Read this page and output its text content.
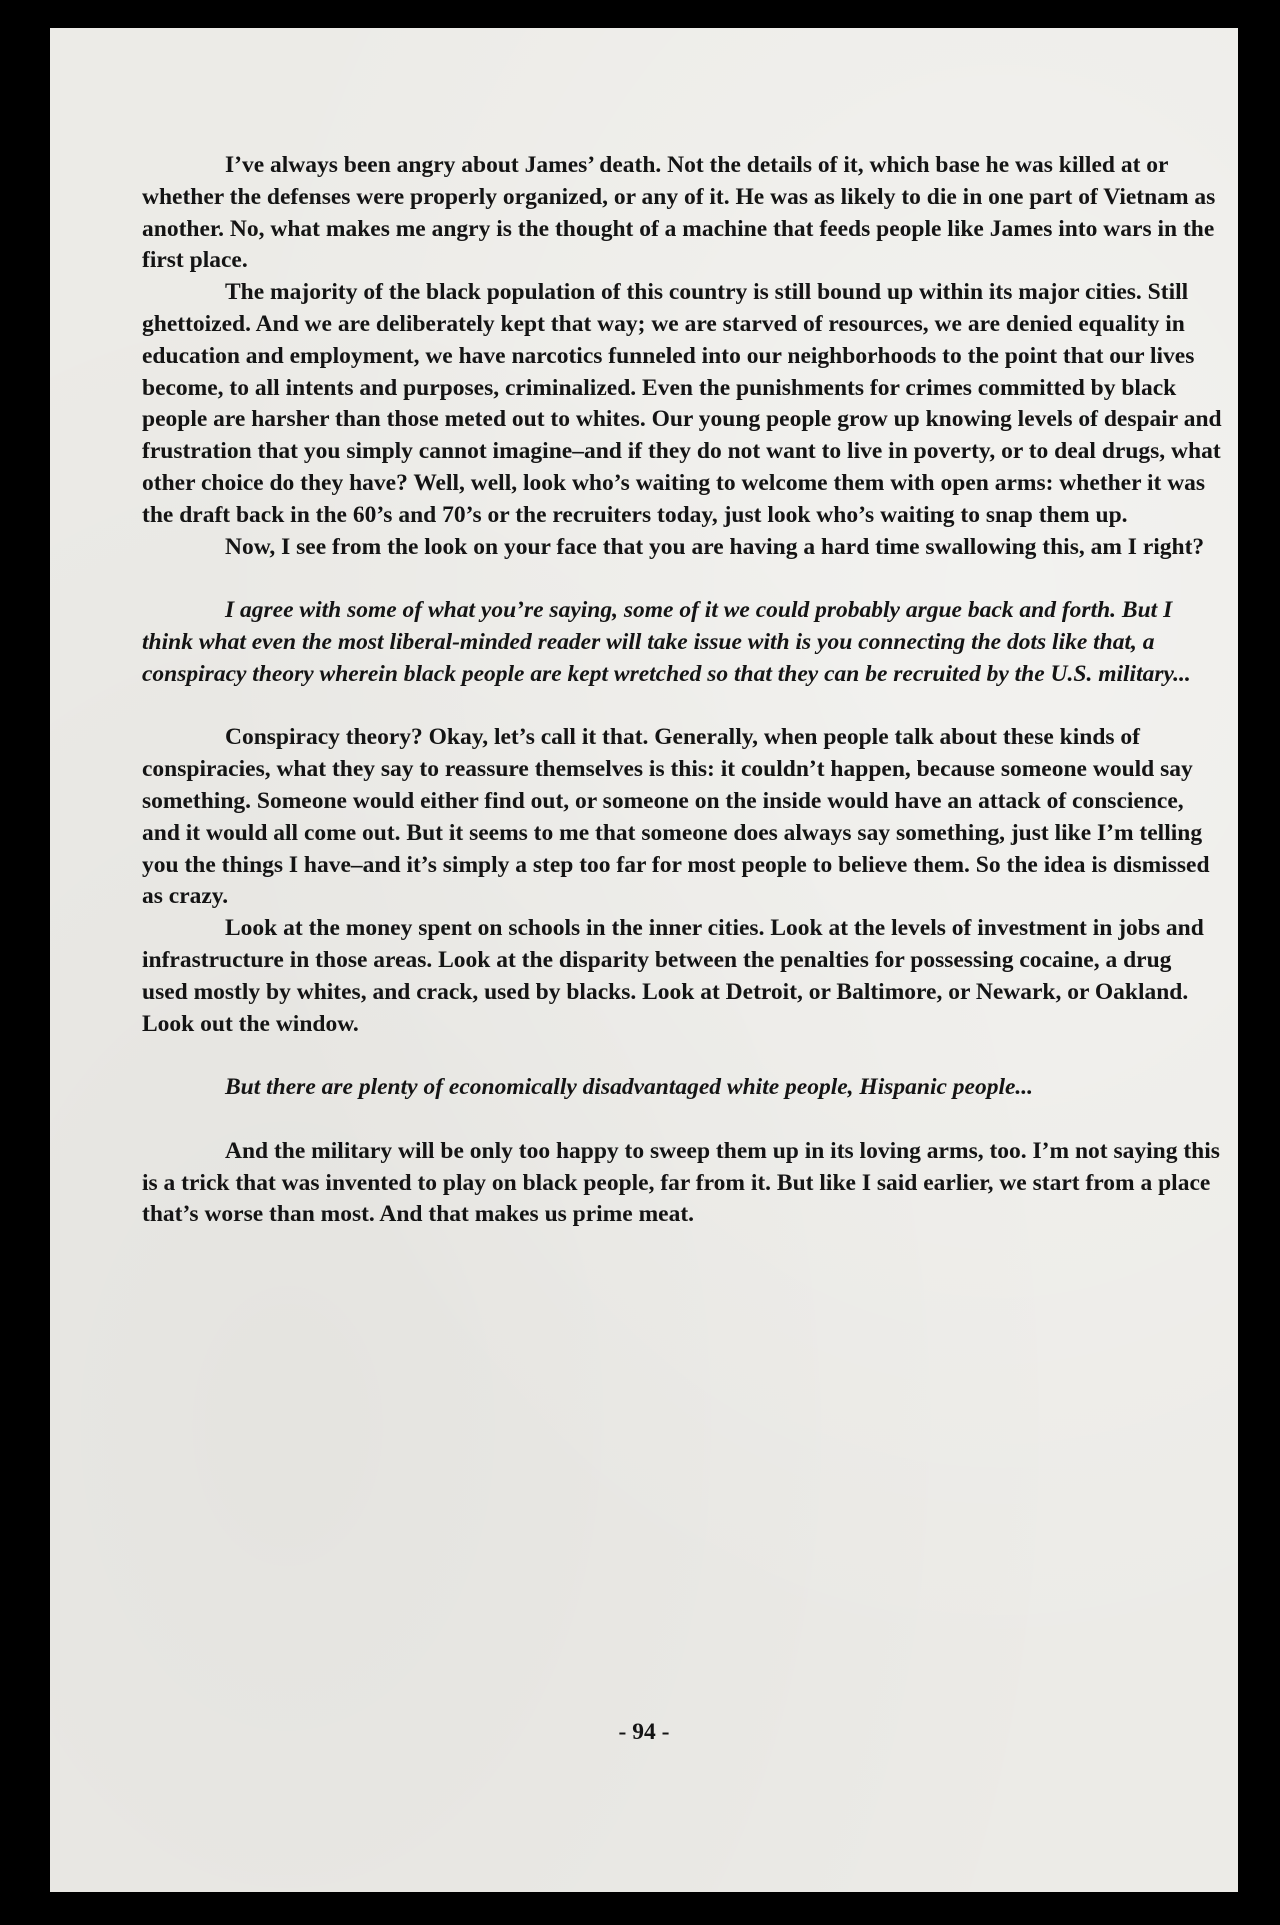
I’ve always been angry about James’ death. Not the details of it, which base he was killed at or whether the defenses were properly organized, or any of it. He was as likely to die in one part of Vietnam as another. No, what makes me angry is the thought of a machine that feeds people like James into wars in the first place.

The majority of the black population of this country is still bound up within its major cities. Still ghettoized. And we are deliberately kept that way; we are starved of resources, we are denied equality in education and employment, we have narcotics funneled into our neighborhoods to the point that our lives become, to all intents and purposes, criminalized. Even the punishments for crimes committed by black people are harsher than those meted out to whites. Our young people grow up knowing levels of despair and frustration that you simply cannot imagine–and if they do not want to live in poverty, or to deal drugs, what other choice do they have? Well, well, look who’s waiting to welcome them with open arms: whether it was the draft back in the 60’s and 70’s or the recruiters today, just look who’s waiting to snap them up.

Now, I see from the look on your face that you are having a hard time swallowing this, am I right?

I agree with some of what you’re saying, some of it we could probably argue back and forth. But I think what even the most liberal-minded reader will take issue with is you connecting the dots like that, a conspiracy theory wherein black people are kept wretched so that they can be recruited by the U.S. military...

Conspiracy theory? Okay, let’s call it that. Generally, when people talk about these kinds of conspiracies, what they say to reassure themselves is this: it couldn’t happen, because someone would say something. Someone would either find out, or someone on the inside would have an attack of conscience, and it would all come out. But it seems to me that someone does always say something, just like I’m telling you the things I have–and it’s simply a step too far for most people to believe them. So the idea is dismissed as crazy.

Look at the money spent on schools in the inner cities. Look at the levels of investment in jobs and infrastructure in those areas. Look at the disparity between the penalties for possessing cocaine, a drug used mostly by whites, and crack, used by blacks. Look at Detroit, or Baltimore, or Newark, or Oakland. Look out the window.

But there are plenty of economically disadvantaged white people, Hispanic people...

And the military will be only too happy to sweep them up in its loving arms, too. I’m not saying this is a trick that was invented to play on black people, far from it. But like I said earlier, we start from a place that’s worse than most. And that makes us prime meat.

- 94 -
